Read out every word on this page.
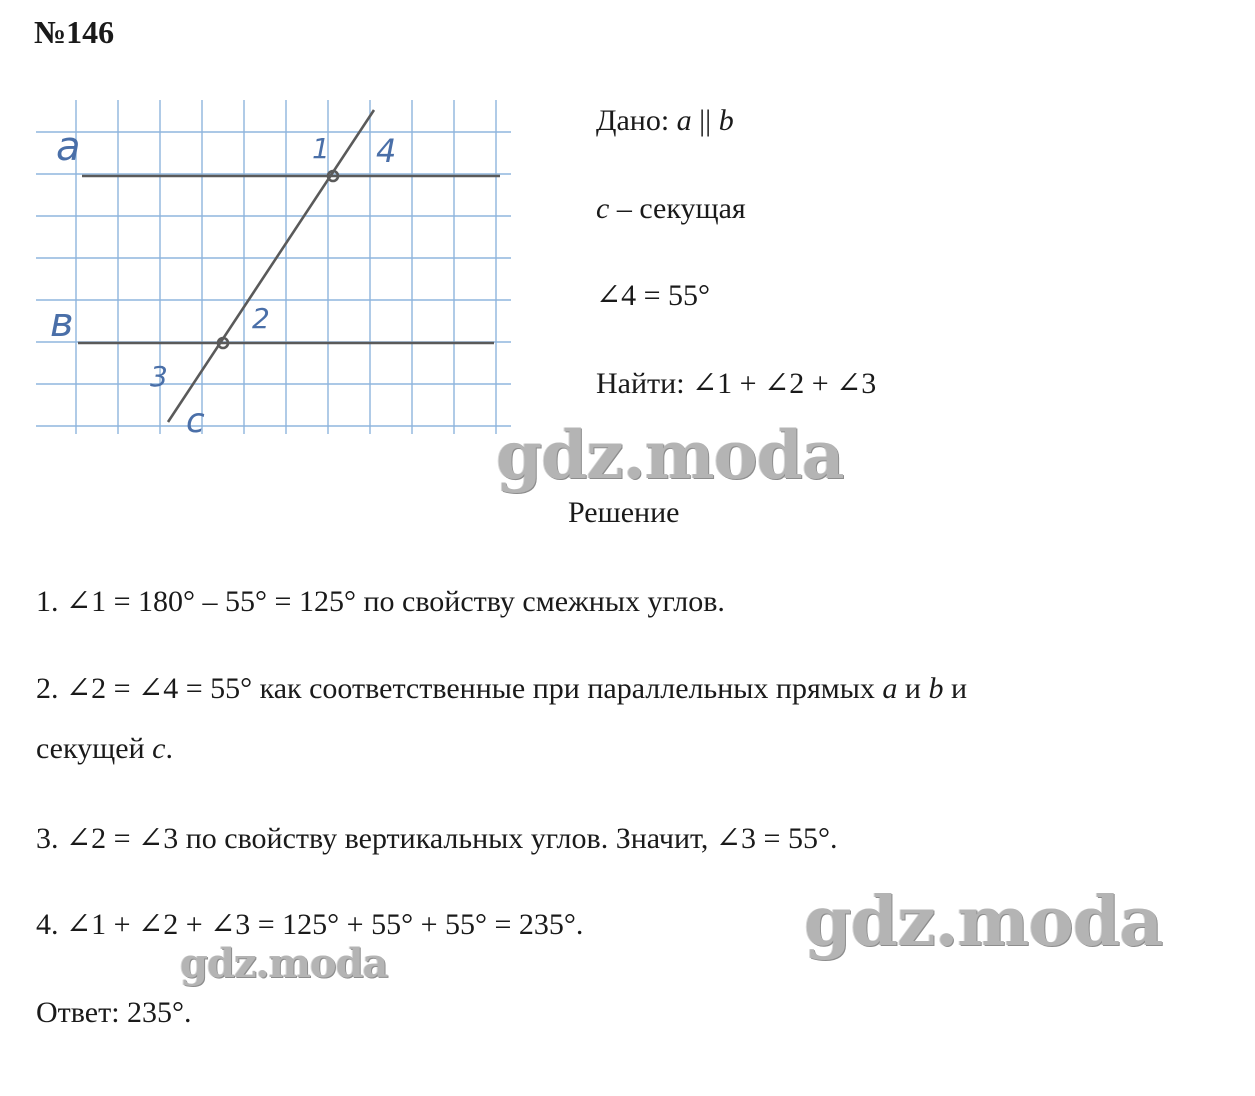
№146
a
в
c
1
2
3
4
Дано: a || b
c – секущая
∠4 = 55°
Найти: ∠1 + ∠2 + ∠3
Решение
1. ∠1 = 180° – 55° = 125° по свойству смежных углов.
2. ∠2 = ∠4 = 55° как соответственные при параллельных прямых a и b и
секущей c.
3. ∠2 = ∠3 по свойству вертикальных углов. Значит, ∠3 = 55°.
4. ∠1 + ∠2 + ∠3 = 125° + 55° + 55° = 235°.
Ответ: 235°.
gdz.moda
gdz.moda
gdz.moda
